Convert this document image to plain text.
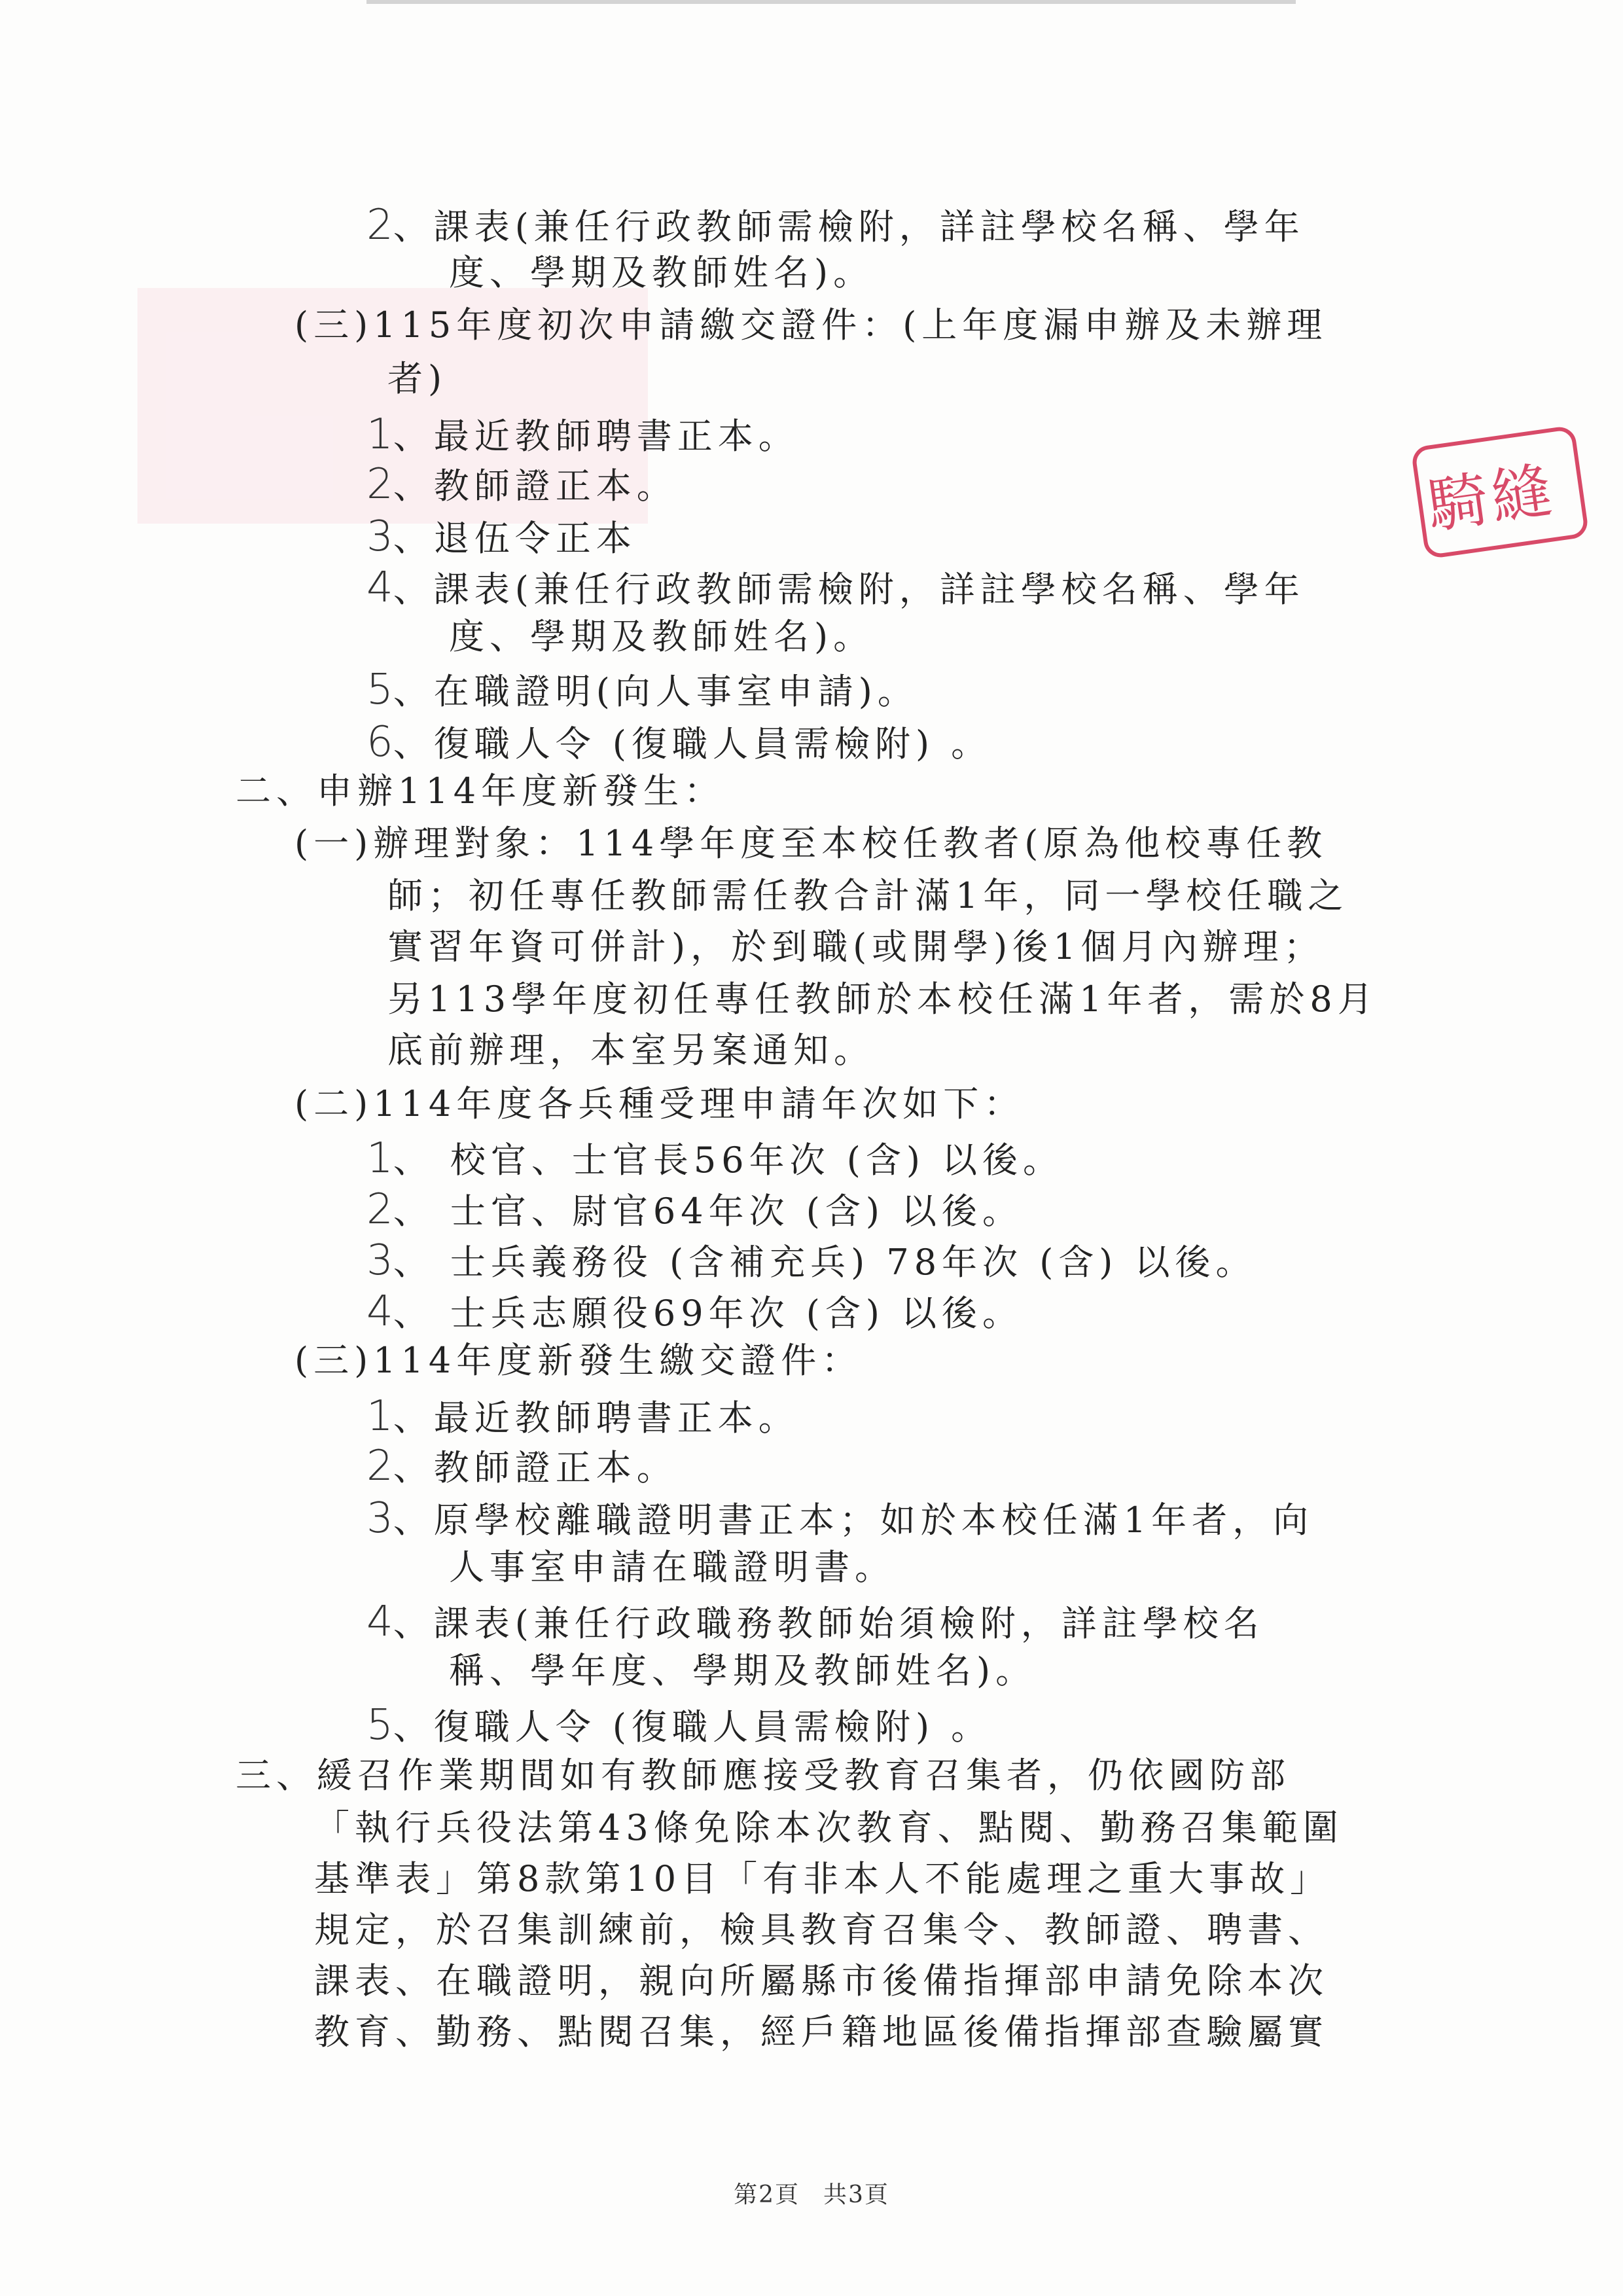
2、課表(兼任行政教師需檢附，詳註學校名稱、學年
度、學期及教師姓名)。
(三)115年度初次申請繳交證件：(上年度漏申辦及未辦理
者)
1、最近教師聘書正本。
2、教師證正本。
3、退伍令正本
4、課表(兼任行政教師需檢附，詳註學校名稱、學年
度、學期及教師姓名)。
5、在職證明(向人事室申請)。
6、復職人令 (復職人員需檢附) 。
二、申辦114年度新發生：
(一)辦理對象：114學年度至本校任教者(原為他校專任教
師；初任專任教師需任教合計滿1年，同一學校任職之
實習年資可併計)，於到職(或開學)後1個月內辦理；
另113學年度初任專任教師於本校任滿1年者，需於8月
底前辦理，本室另案通知。
(二)114年度各兵種受理申請年次如下：
1、 校官、士官長56年次 (含) 以後。
2、 士官、尉官64年次 (含) 以後。
3、 士兵義務役 (含補充兵) 78年次 (含) 以後。
4、 士兵志願役69年次 (含) 以後。
(三)114年度新發生繳交證件：
1、最近教師聘書正本。
2、教師證正本。
3、原學校離職證明書正本；如於本校任滿1年者，向
人事室申請在職證明書。
4、課表(兼任行政職務教師始須檢附，詳註學校名
稱、學年度、學期及教師姓名)。
5、復職人令 (復職人員需檢附) 。
三、緩召作業期間如有教師應接受教育召集者，仍依國防部
「執行兵役法第43條免除本次教育、點閱、勤務召集範圍
基準表」第8款第10目「有非本人不能處理之重大事故」
規定，於召集訓練前，檢具教育召集令、教師證、聘書、
課表、在職證明，親向所屬縣市後備指揮部申請免除本次
教育、勤務、點閱召集，經戶籍地區後備指揮部查驗屬實
騎縫
第2頁 共3頁
